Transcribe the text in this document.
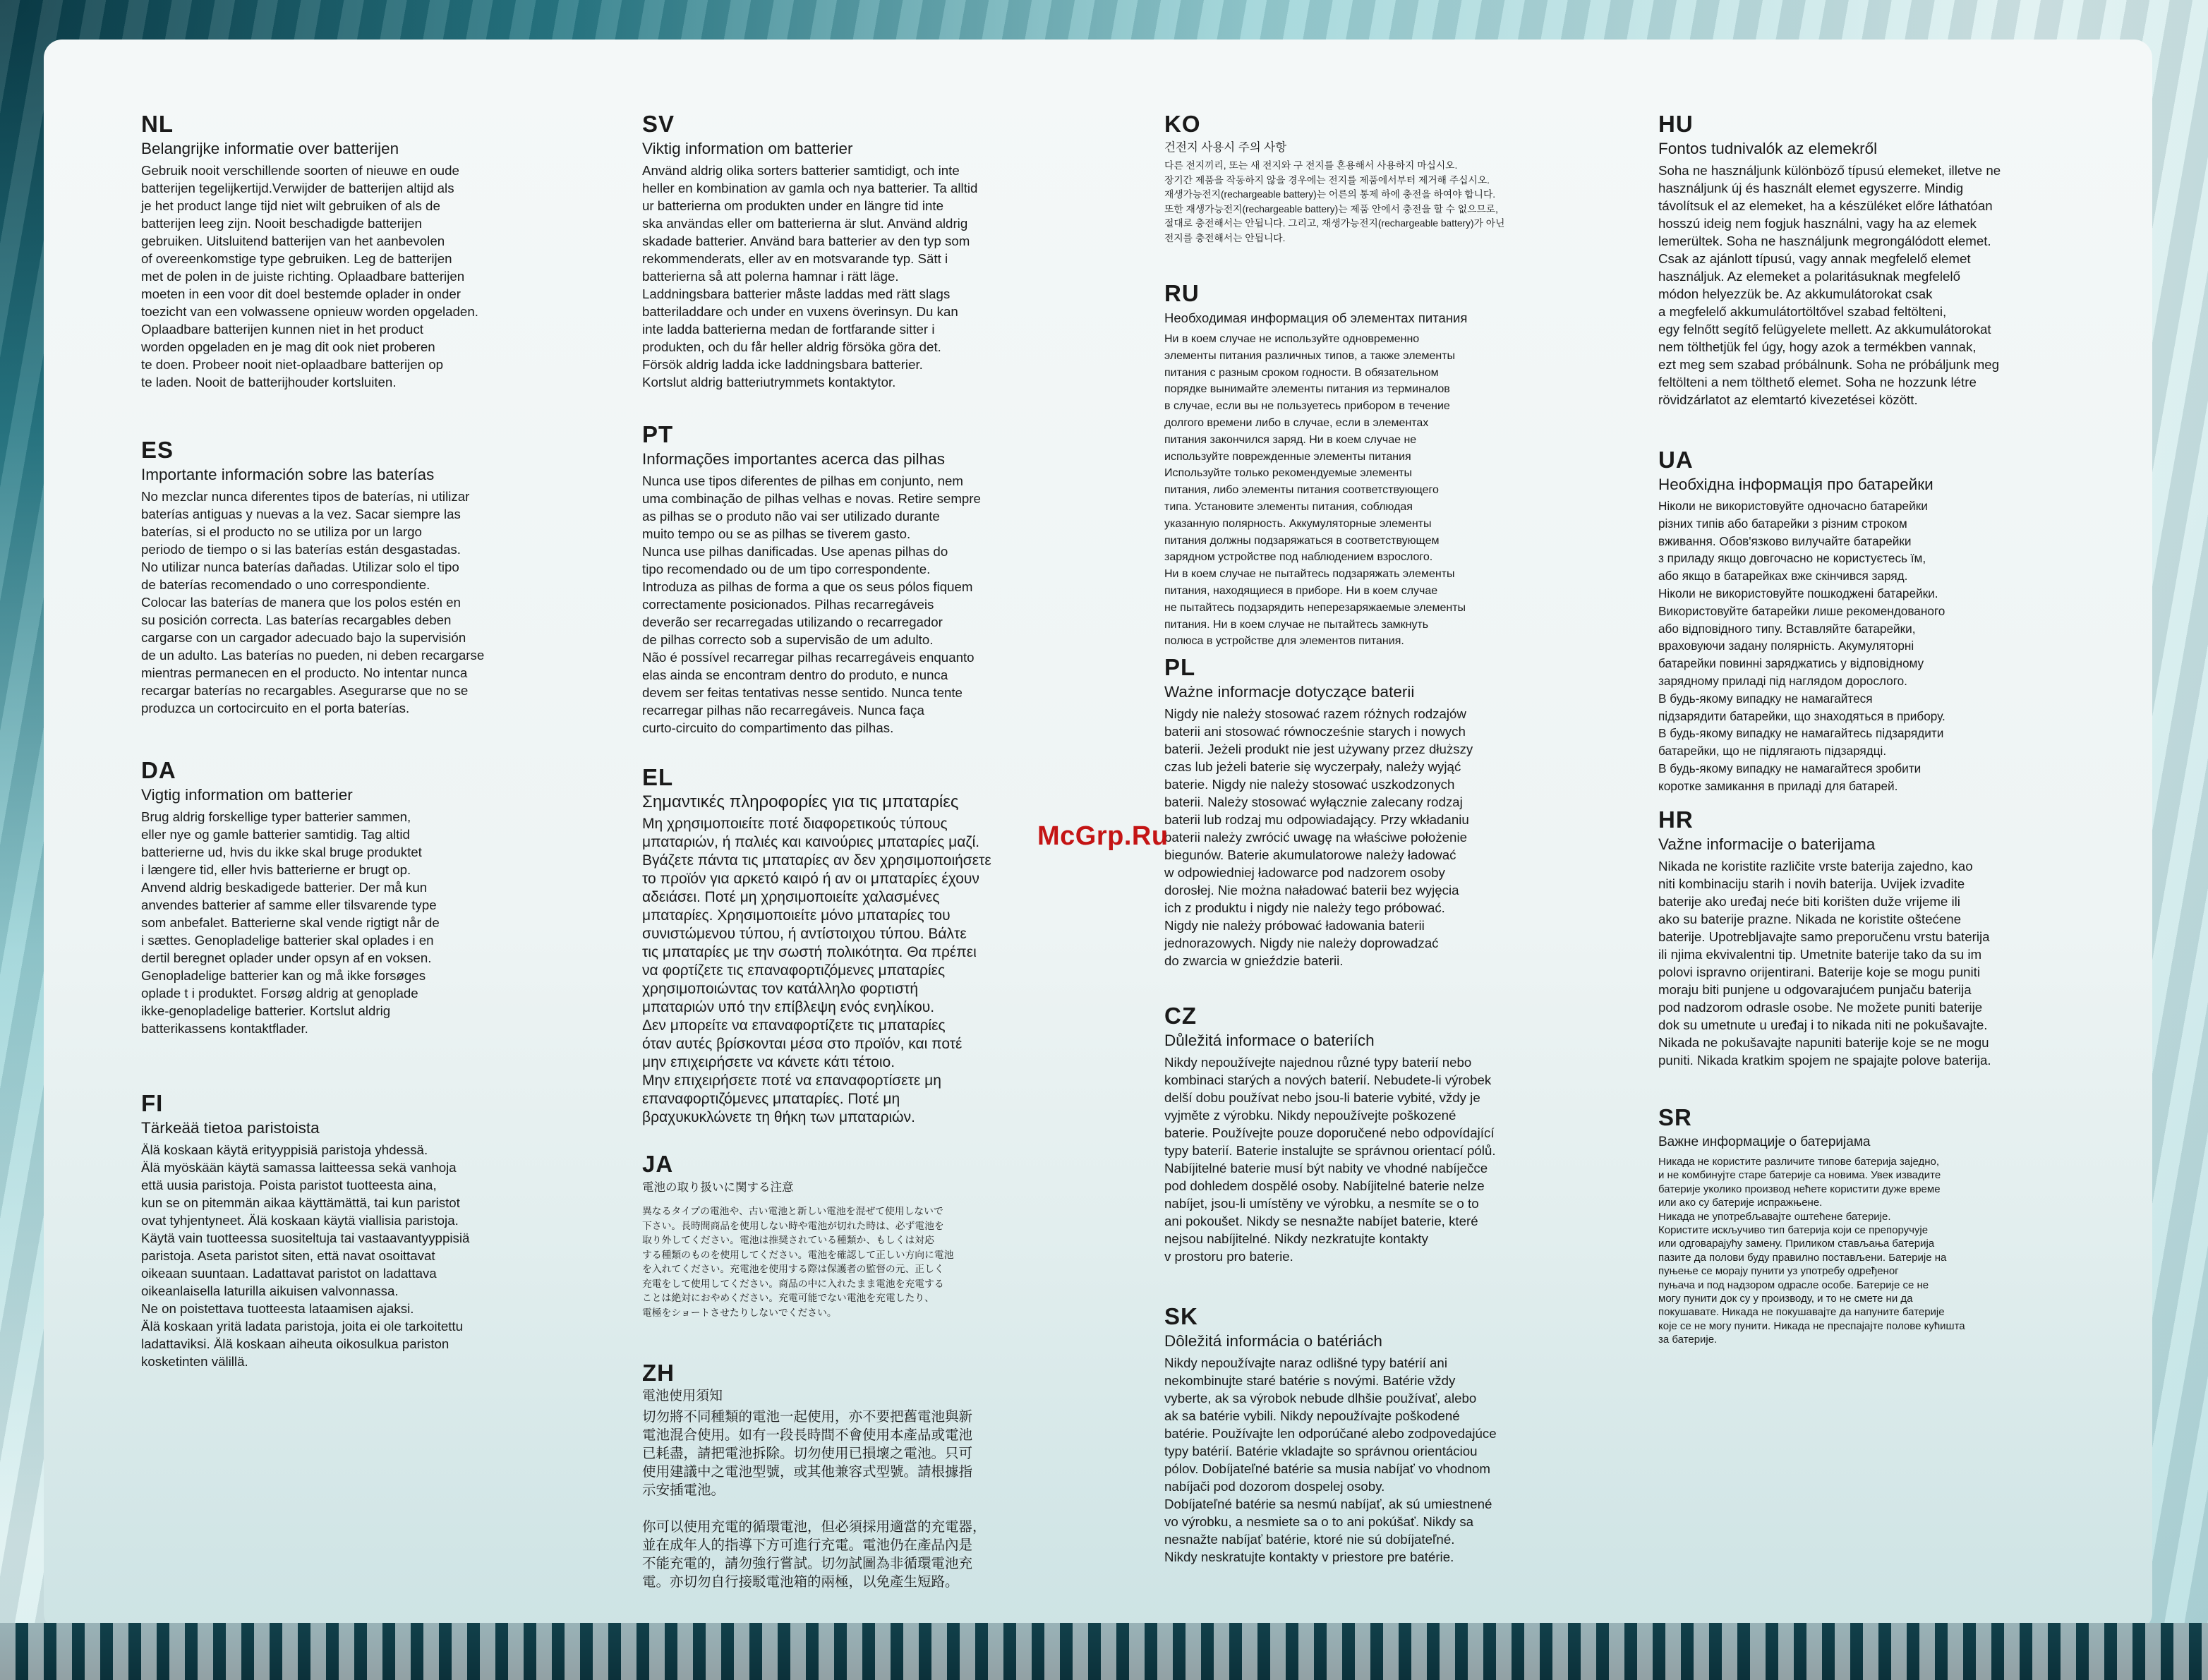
NL
Belangrijke informatie over batterijen

Gebruik nooit verschillende soorten of nieuwe en oude
batterijen tegelijkertijd.Verwijder de batterijen altijd als
je het product lange tijd niet wilt gebruiken of als de
batterijen leeg zijn. Nooit beschadigde batterijen
gebruiken. Uitsluitend batterijen van het aanbevolen
of overeenkomstige type gebruiken. Leg de batterijen
met de polen in de juiste richting. Oplaadbare batterijen
moeten in een voor dit doel bestemde oplader in onder
toezicht van een volwassene opnieuw worden opgeladen.
Oplaadbare batterijen kunnen niet in het product
worden opgeladen en je mag dit ook niet proberen
te doen. Probeer nooit niet-oplaadbare batterijen op
te laden. Nooit de batterijhouder kortsluiten.

ES
Importante información sobre las baterías

No mezclar nunca diferentes tipos de baterías, ni utilizar
baterías antiguas y nuevas a la vez. Sacar siempre las
baterías, si el producto no se utiliza por un largo
periodo de tiempo o si las baterías están desgastadas.
No utilizar nunca baterías dañadas. Utilizar solo el tipo
de baterías recomendado o uno correspondiente.
Colocar las baterías de manera que los polos estén en
su posición correcta. Las baterías recargables deben
cargarse con un cargador adecuado bajo la supervisión
de un adulto. Las baterías no pueden, ni deben recargarse
mientras permanecen en el producto. No intentar nunca
recargar baterías no recargables. Asegurarse que no se
produzca un cortocircuito en el porta baterías.

DA
Vigtig information om batterier

Brug aldrig forskellige typer batterier sammen,
eller nye og gamle batterier samtidig. Tag altid
batterierne ud, hvis du ikke skal bruge produktet
i længere tid, eller hvis batterierne er brugt op.
Anvend aldrig beskadigede batterier. Der må kun
anvendes batterier af samme eller tilsvarende type
som anbefalet. Batterierne skal vende rigtigt når de
i sættes. Genopladelige batterier skal oplades i en
dertil beregnet oplader under opsyn af en voksen.
Genopladelige batterier kan og må ikke forsøges
oplade t i produktet. Forsøg aldrig at genoplade
ikke-genopladelige batterier. Kortslut aldrig
batterikassens kontaktflader.

FI
Tärkeää tietoa paristoista

Älä koskaan käytä erityyppisiä paristoja yhdessä.
Älä myöskään käytä samassa laitteessa sekä vanhoja
että uusia paristoja. Poista paristot tuotteesta aina,
kun se on pitemmän aikaa käyttämättä, tai kun paristot
ovat tyhjentyneet. Älä koskaan käytä viallisia paristoja.
Käytä vain tuotteessa suositeltuja tai vastaavantyyppisiä
paristoja. Aseta paristot siten, että navat osoittavat
oikeaan suuntaan. Ladattavat paristot on ladattava
oikeanlaisella laturilla aikuisen valvonnassa.
Ne on poistettava tuotteesta lataamisen ajaksi.
Älä koskaan yritä ladata paristoja, joita ei ole tarkoitettu
ladattaviksi. Älä koskaan aiheuta oikosulkua pariston
kosketinten välillä.

SV
Viktig information om batterier

Använd aldrig olika sorters batterier samtidigt, och inte
heller en kombination av gamla och nya batterier. Ta alltid
ur batterierna om produkten under en längre tid inte
ska användas eller om batterierna är slut. Använd aldrig
skadade batterier. Använd bara batterier av den typ som
rekommenderats, eller av en motsvarande typ. Sätt i
batterierna så att polerna hamnar i rätt läge.
Laddningsbara batterier måste laddas med rätt slags
batteriladdare och under en vuxens överinsyn. Du kan
inte ladda batterierna medan de fortfarande sitter i
produkten, och du får heller aldrig försöka göra det.
Försök aldrig ladda icke laddningsbara batterier.
Kortslut aldrig batteriutrymmets kontaktytor.

PT
Informações importantes acerca das pilhas

Nunca use tipos diferentes de pilhas em conjunto, nem
uma combinação de pilhas velhas e novas. Retire sempre
as pilhas se o produto não vai ser utilizado durante
muito tempo ou se as pilhas se tiverem gasto.
Nunca use pilhas danificadas. Use apenas pilhas do
tipo recomendado ou de um tipo correspondente.
Introduza as pilhas de forma a que os seus pólos fiquem
correctamente posicionados. Pilhas recarregáveis
deverão ser recarregadas utilizando o recarregador
de pilhas correcto sob a supervisão de um adulto.
Não é possível recarregar pilhas recarregáveis enquanto
elas ainda se encontram dentro do produto, e nunca
devem ser feitas tentativas nesse sentido. Nunca tente
recarregar pilhas não recarregáveis. Nunca faça
curto-circuito do compartimento das pilhas.

EL
Σημαντικές πληροφορίες για τις μπαταρίες

Μη χρησιμοποιείτε ποτέ διαφορετικούς τύπους
μπαταριών, ή παλιές και καινούριες μπαταρίες μαζί.
Βγάζετε πάντα τις μπαταρίες αν δεν χρησιμοποιήσετε
το προϊόν για αρκετό καιρό ή αν οι μπαταρίες έχουν
αδειάσει. Ποτέ μη χρησιμοποιείτε χαλασμένες
μπαταρίες. Χρησιμοποιείτε μόνο μπαταρίες του
συνιστώμενου τύπου, ή αντίστοιχου τύπου. Βάλτε
τις μπαταρίες με την σωστή πολικότητα. Θα πρέπει
να φορτίζετε τις επαναφορτιζόμενες μπαταρίες
χρησιμοποιώντας τον κατάλληλο φορτιστή
μπαταριών υπό την επίβλεψη ενός ενηλίκου.
Δεν μπορείτε να επαναφορτίζετε τις μπαταρίες
όταν αυτές βρίσκονται μέσα στο προϊόν, και ποτέ
μην επιχειρήσετε να κάνετε κάτι τέτοιο.
Μην επιχειρήσετε ποτέ να επαναφορτίσετε μη
επαναφορτιζόμενες μπαταρίες. Ποτέ μη
βραχυκυκλώνετε τη θήκη των μπαταριών.

JA
電池の取り扱いに関する注意

異なるタイプの電池や、古い電池と新しい電池を混ぜて使用しないで
下さい。長時間商品を使用しない時や電池が切れた時は、必ず電池を
取り外してください。電池は推奨されている種類か、もしくは対応
する種類のものを使用してください。電池を確認して正しい方向に電池
を入れてください。充電池を使用する際は保護者の監督の元、正しく
充電をして使用してください。商品の中に入れたまま電池を充電する
ことは絶対におやめください。充電可能でない電池を充電したり、
電極をショートさせたりしないでください。

ZH
電池使用須知

切勿將不同種類的電池一起使用，亦不要把舊電池與新
電池混合使用。如有一段長時間不會使用本產品或電池
已耗盡，請把電池拆除。切勿使用已損壞之電池。只可
使用建議中之電池型號，或其他兼容式型號。請根據指
示安插電池。

你可以使用充電的循環電池，但必須採用適當的充電器，
並在成年人的指導下方可進行充電。電池仍在產品內是
不能充電的，請勿強行嘗試。切勿試圖為非循環電池充
電。亦切勿自行接駁電池箱的兩極，以免產生短路。

KO
건전지 사용시 주의 사항

다른 전지끼리, 또는 새 전지와 구 전지를 혼용해서 사용하지 마십시오.
장기간 제품을 작동하지 않을 경우에는 전지를 제품에서부터 제거해 주십시오.
재생가능전지(rechargeable battery)는 어른의 통제 하에 충전을 하여야 합니다.
또한 재생가능전지(rechargeable battery)는 제품 안에서 충전을 할 수 없으므로,
절대로 충전해서는 안됩니다. 그리고, 재생가능전지(rechargeable battery)가 아닌
전지를 충전해서는 안됩니다.

RU
Необходимая информация об элементах питания

Ни в коем случае не используйте одновременно
элементы питания различных типов, а также элементы
питания с разным сроком годности. В обязательном
порядке вынимайте элементы питания из терминалов
в случае, если вы не пользуетесь прибором в течение
долгого времени либо в случае, если в элементах
питания закончился заряд. Ни в коем случае не
используйте поврежденные элементы питания
Используйте только рекомендуемые элементы
питания, либо элементы питания соответствующего
типа. Установите элементы питания, соблюдая
указанную полярность. Аккумуляторные элементы
питания должны подзаряжаться в соответствующем
зарядном устройстве под наблюдением взрослого.
Ни в коем случае не пытайтесь подзаряжать элементы
питания, находящиеся в приборе. Ни в коем случае
не пытайтесь подзарядить неперезаряжаемые элементы
питания. Ни в коем случае не пытайтесь замкнуть
полюса в устройстве для элементов питания.

PL
Ważne informacje dotyczące baterii

Nigdy nie należy stosować razem różnych rodzajów
baterii ani stosować równocześnie starych i nowych
baterii. Jeżeli produkt nie jest używany przez dłuższy
czas lub jeżeli baterie się wyczerpały, należy wyjąć
baterie. Nigdy nie należy stosować uszkodzonych
baterii. Należy stosować wyłącznie zalecany rodzaj
baterii lub rodzaj mu odpowiadający. Przy wkładaniu
baterii należy zwrócić uwagę na właściwe położenie
biegunów. Baterie akumulatorowe należy ładować
w odpowiedniej ładowarce pod nadzorem osoby
dorosłej. Nie można naładować baterii bez wyjęcia
ich z produktu i nigdy nie należy tego próbować.
Nigdy nie należy próbować ładowania baterii
jednorazowych. Nigdy nie należy doprowadzać
do zwarcia w gnieździe baterii.

CZ
Důležitá informace o bateriích

Nikdy nepoužívejte najednou různé typy baterií nebo
kombinaci starých a nových baterií. Nebudete-li výrobek
delší dobu používat nebo jsou-li baterie vybité, vždy je
vyjměte z výrobku. Nikdy nepoužívejte poškozené
baterie. Používejte pouze doporučené nebo odpovídající
typy baterií. Baterie instalujte se správnou orientací pólů.
Nabíjitelné baterie musí být nabity ve vhodné nabíječce
pod dohledem dospělé osoby. Nabíjitelné baterie nelze
nabíjet, jsou-li umístěny ve výrobku, a nesmíte se o to
ani pokoušet. Nikdy se nesnažte nabíjet baterie, které
nejsou nabíjitelné. Nikdy nezkratujte kontakty
v prostoru pro baterie.

SK
Dôležitá informácia o batériách

Nikdy nepoužívajte naraz odlišné typy batérií ani
nekombinujte staré batérie s novými. Batérie vždy
vyberte, ak sa výrobok nebude dlhšie používať, alebo
ak sa batérie vybili. Nikdy nepoužívajte poškodené
batérie. Používajte len odporúčané alebo zodpovedajúce
typy batérií. Batérie vkladajte so správnou orientáciou
pólov. Dobíjateľné batérie sa musia nabíjať vo vhodnom
nabíjači pod dozorom dospelej osoby.
Dobíjateľné batérie sa nesmú nabíjať, ak sú umiestnené
vo výrobku, a nesmiete sa o to ani pokúšať. Nikdy sa
nesnažte nabíjať batérie, ktoré nie sú dobíjateľné.
Nikdy neskratujte kontakty v priestore pre batérie.

HU
Fontos tudnivalók az elemekről

Soha ne használjunk különböző típusú elemeket, illetve ne
használjunk új és használt elemet egyszerre. Mindig
távolítsuk el az elemeket, ha a készüléket előre láthatóan
hosszú ideig nem fogjuk használni, vagy ha az elemek
lemerültek. Soha ne használjunk megrongálódott elemet.
Csak az ajánlott típusú, vagy annak megfelelő elemet
használjuk. Az elemeket a polaritásuknak megfelelő
módon helyezzük be. Az akkumulátorokat csak
a megfelelő akkumulátortöltővel szabad feltölteni,
egy felnőtt segítő felügyelete mellett. Az akkumulátorokat
nem tölthetjük fel úgy, hogy azok a termékben vannak,
ezt meg sem szabad próbálnunk. Soha ne próbáljunk meg
feltölteni a nem tölthető elemet. Soha ne hozzunk létre
rövidzárlatot az elemtartó kivezetései között.

UA
Необхідна інформація про батарейки

Ніколи не використовуйте одночасно батарейки
різних типів або батарейки з різним строком
вживання. Обов'язково вилучайте батарейки
з приладу якщо довгочасно не користуєтесь їм,
або якщо в батарейках вже скінчився заряд.
Ніколи не використовуйте пошкоджені батарейки.
Використовуйте батарейки лише рекомендованого
або відповідного типу. Вставляйте батарейки,
враховуючи задану полярність. Акумуляторні
батарейки повинні заряджатись у відповідному
зарядному приладі під наглядом дорослого.
В будь-якому випадку не намагайтеся
підзарядити батарейки, що знаходяться в прибору.
В будь-якому випадку не намагайтесь підзарядити
батарейки, що не підлягають підзарядці.
В будь-якому випадку не намагайтеся зробити
коротке замикання в приладі для батарей.

HR
Važne informacije o baterijama

Nikada ne koristite različite vrste baterija zajedno, kao
niti kombinaciju starih i novih baterija. Uvijek izvadite
baterije ako uređaj neće biti korišten duže vrijeme ili
ako su baterije prazne. Nikada ne koristite oštećene
baterije. Upotrebljavajte samo preporučenu vrstu baterija
ili njima ekvivalentni tip. Umetnite baterije tako da su im
polovi ispravno orijentirani. Baterije koje se mogu puniti
moraju biti punjene u odgovarajućem punjaču baterija
pod nadzorom odrasle osobe. Ne možete puniti baterije
dok su umetnute u uređaj i to nikada niti ne pokušavajte.
Nikada ne pokušavajte napuniti baterije koje se ne mogu
puniti. Nikada kratkim spojem ne spajajte polove baterija.

SR
Важне информације о батеријама

Никада не користите различите типове батерија заједно,
и не комбинујте старе батерије са новима. Увек извадите
батерије уколико производ нећете користити дуже време
или ако су батерије испражњене.
Никада не употребљавајте оштећене батерије.
Користите искључиво тип батерија који се препоручује
или одговарајућу замену. Приликом стављања батерија
пазите да полови буду правилно постављени. Батерије на
пуњење се морају пунити уз употребу одређеног
пуњача и под надзором одрасле особе. Батерије се не
могу пунити док су у производу, и то не смете ни да
покушавате. Никада не покушавајте да напуните батерије
које се не могу пунити. Никада не преспајајте полове кућишта
за батерије.

McGrp.Ru
